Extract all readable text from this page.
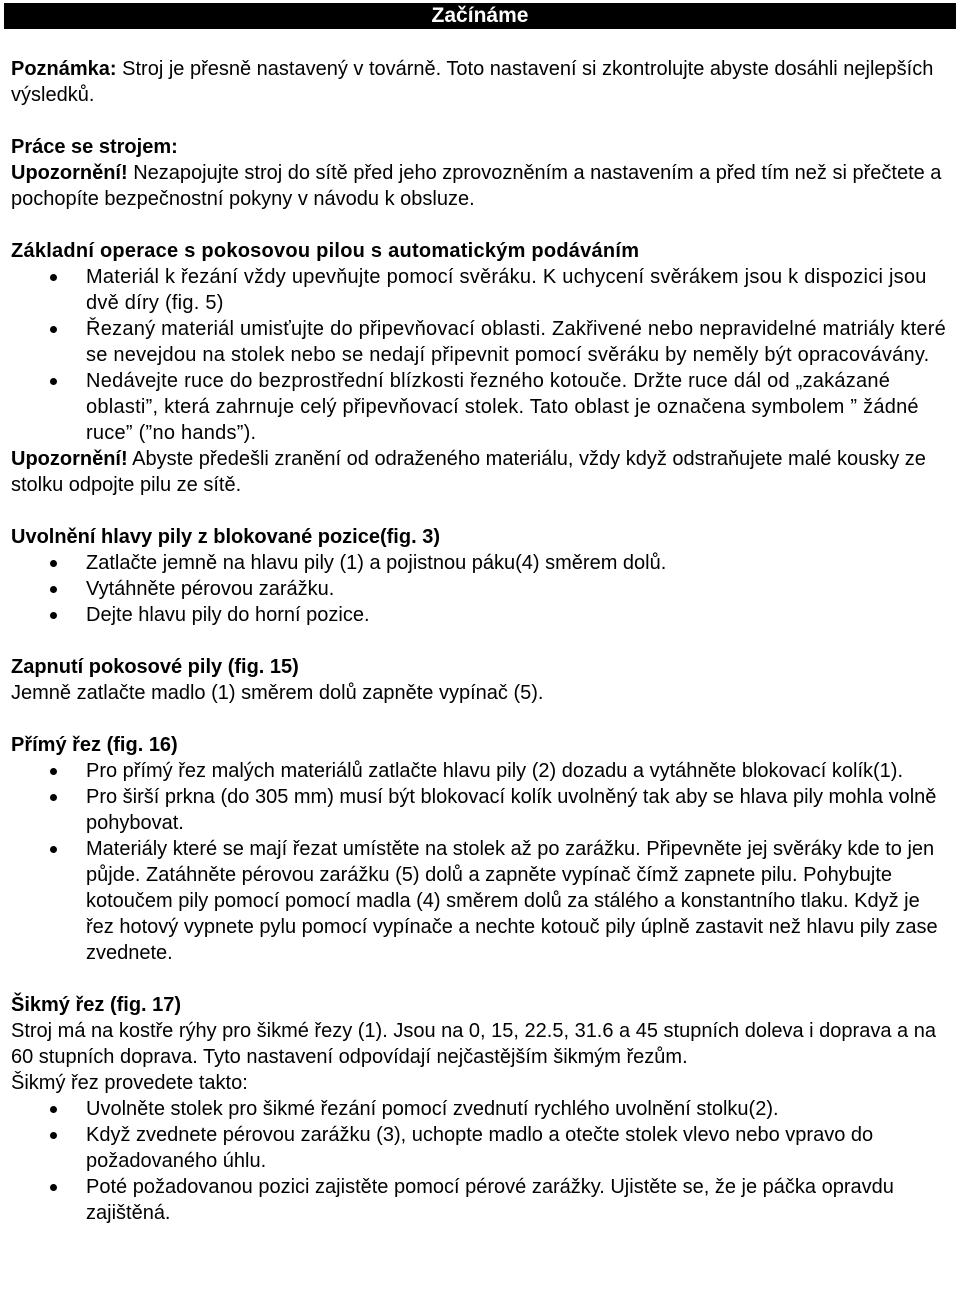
Začínáme

Poznámka: Stroj je přesně nastavený v továrně. Toto nastavení si zkontrolujte abyste dosáhli nejlepších výsledků.

Práce se strojem:

Upozornění! Nezapojujte stroj do sítě před jeho zprovozněním a nastavením a před tím než si přečtete a pochopíte bezpečnostní pokyny v návodu k obsluze.

Základní operace s pokosovou pilou s automatickým podáváním

Materiál k řezání vždy upevňujte pomocí svěráku. K uchycení svěrákem jsou k dispozici jsou dvě díry (fig. 5)
Řezaný materiál umisťujte do připevňovací oblasti. Zakřivené nebo nepravidelné matriály které se nevejdou na stolek nebo se nedají připevnit pomocí svěráku by neměly být opracovávány.
Nedávejte ruce do bezprostřední blízkosti řezného kotouče. Držte ruce dál od „zakázané oblasti”, která zahrnuje celý připevňovací stolek. Tato oblast je označena symbolem ” žádné ruce” (”no hands”).

Upozornění! Abyste předešli zranění od odraženého materiálu, vždy když odstraňujete malé kousky ze stolku odpojte pilu ze sítě.

Uvolnění hlavy pily z blokované pozice(fig. 3)

Zatlačte jemně na hlavu pily (1) a pojistnou páku(4) směrem dolů.
Vytáhněte pérovou zarážku.
Dejte hlavu pily do horní pozice.

Zapnutí pokosové pily (fig. 15)

Jemně zatlačte madlo (1) směrem dolů zapněte vypínač (5).

Přímý řez (fig. 16)

Pro přímý řez malých materiálů zatlačte hlavu pily (2) dozadu a vytáhněte blokovací kolík(1).
Pro širší prkna (do 305 mm) musí být blokovací kolík uvolněný tak aby se hlava pily mohla volně pohybovat.
Materiály které se mají řezat umístěte na stolek až po zarážku. Připevněte jej svěráky kde to jen půjde. Zatáhněte pérovou zarážku (5) dolů a zapněte vypínač čímž zapnete pilu. Pohybujte kotoučem pily pomocí pomocí madla (4) směrem dolů za stálého a konstantního tlaku. Když je řez hotový vypnete pylu pomocí vypínače a nechte kotouč pily úplně zastavit než hlavu pily zase zvednete.

Šikmý řez (fig. 17)

Stroj má na kostře rýhy pro šikmé řezy (1). Jsou na 0, 15, 22.5, 31.6 a 45 stupních doleva i doprava a na 60 stupních doprava. Tyto nastavení odpovídají nejčastějším šikmým řezům.

Šikmý řez provedete takto:

Uvolněte stolek pro šikmé řezání pomocí zvednutí rychlého uvolnění stolku(2).
Když zvednete pérovou zarážku (3), uchopte madlo a otečte stolek vlevo nebo vpravo do požadovaného úhlu.
Poté požadovanou pozici zajistěte pomocí pérové zarážky. Ujistěte se, že je páčka opravdu zajištěná.
